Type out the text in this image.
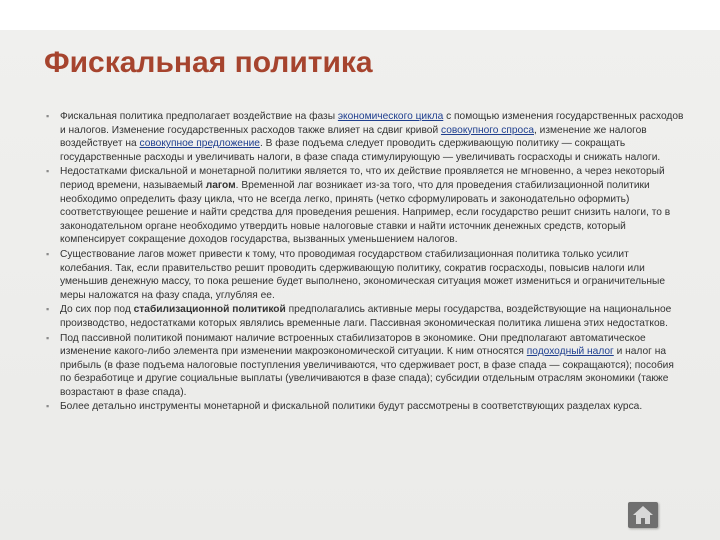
Фискальная политика
▪ Фискальная политика предполагает воздействие на фазы экономического цикла с помощью изменения государственных расходов и налогов. Изменение государственных расходов также влияет на сдвиг кривой совокупного спроса, изменение же налогов воздействует на совокупное предложение. В фазе подъема следует проводить сдерживающую политику — сокращать государственные расходы и увеличивать налоги, в фазе спада стимулирующую — увеличивать госрасходы и снижать налоги.
▪ Недостатками фискальной и монетарной политики является то, что их действие проявляется не мгновенно, а через некоторый период времени, называемый лагом. Временной лаг возникает из-за того, что для проведения стабилизационной политики необходимо определить фазу цикла, что не всегда легко, принять (четко сформулировать и законодательно оформить) соответствующее решение и найти средства для проведения решения. Например, если государство решит снизить налоги, то в законодательном органе необходимо утвердить новые налоговые ставки и найти источник денежных средств, который компенсирует сокращение доходов государства, вызванных уменьшением налогов.
▪ Существование лагов может привести к тому, что проводимая государством стабилизационная политика только усилит колебания. Так, если правительство решит проводить сдерживающую политику, сократив госрасходы, повысив налоги или уменьшив денежную массу, то пока решение будет выполнено, экономическая ситуация может измениться и ограничительные меры наложатся на фазу спада, углубляя ее.
▪ До сих пор под стабилизационной политикой предполагались активные меры государства, воздействующие на национальное производство, недостатками которых являлись временные лаги. Пассивная экономическая политика лишена этих недостатков.
▪ Под пассивной политикой понимают наличие встроенных стабилизаторов в экономике. Они предполагают автоматическое изменение какого-либо элемента при изменении макроэкономической ситуации. К ним относятся подоходный налог и налог на прибыль (в фазе подъема налоговые поступления увеличиваются, что сдерживает рост, в фазе спада — сокращаются); пособия по безработице и другие социальные выплаты (увеличиваются в фазе спада); субсидии отдельным отраслям экономики (также возрастают в фазе спада).
▪ Более детально инструменты монетарной и фискальной политики будут рассмотрены в соответствующих разделах курса.
